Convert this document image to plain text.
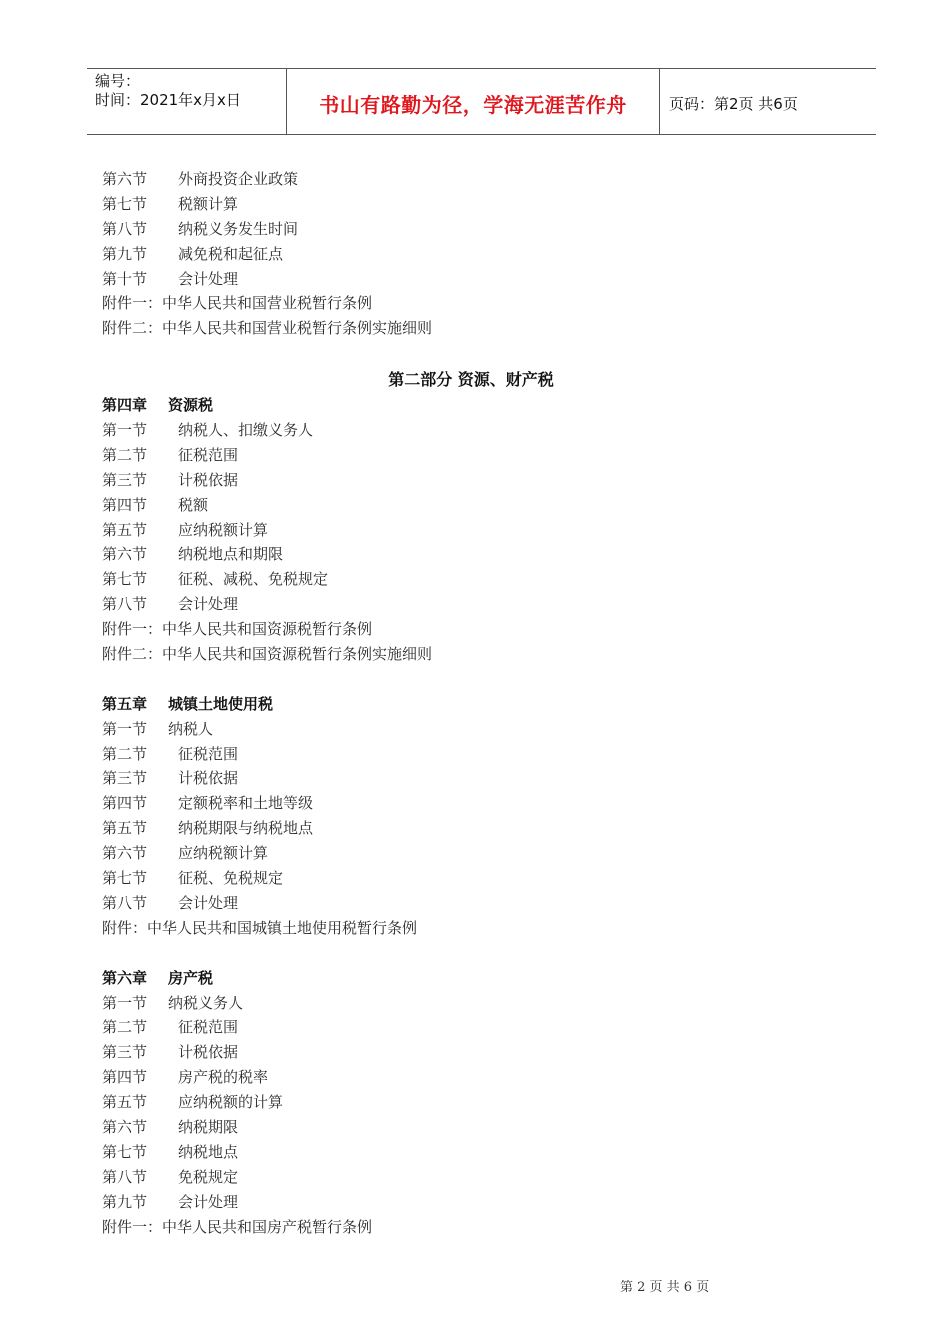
编号：
时间：2021年x月x日	书山有路勤为径，学海无涯苦作舟	页码：第2页 共6页
第六节 外商投资企业政策
第七节 税额计算
第八节 纳税义务发生时间
第九节 减免税和起征点
第十节 会计处理
附件一：中华人民共和国营业税暂行条例
附件二：中华人民共和国营业税暂行条例实施细则
第二部分 资源、财产税
第四章 资源税
第一节 纳税人、扣缴义务人
第二节 征税范围
第三节 计税依据
第四节 税额
第五节 应纳税额计算
第六节 纳税地点和期限
第七节 征税、减税、免税规定
第八节 会计处理
附件一：中华人民共和国资源税暂行条例
附件二：中华人民共和国资源税暂行条例实施细则
第五章 城镇土地使用税
第一节 纳税人
第二节 征税范围
第三节 计税依据
第四节 定额税率和土地等级
第五节 纳税期限与纳税地点
第六节 应纳税额计算
第七节 征税、免税规定
第八节 会计处理
附件：中华人民共和国城镇土地使用税暂行条例
第六章 房产税
第一节 纳税义务人
第二节 征税范围
第三节 计税依据
第四节 房产税的税率
第五节 应纳税额的计算
第六节 纳税期限
第七节 纳税地点
第八节 免税规定
第九节 会计处理
附件一：中华人民共和国房产税暂行条例
第 2 页 共 6 页
